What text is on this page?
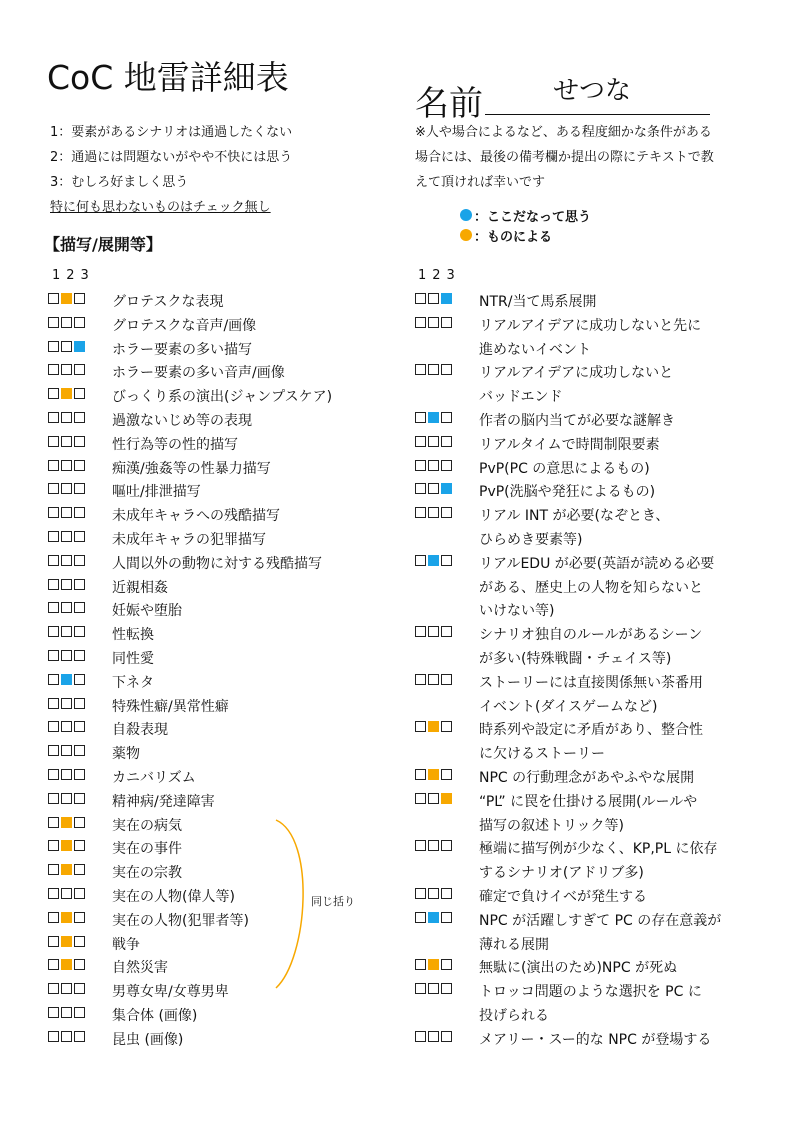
CoC 地雷詳細表
名前	せつな
1：要素があるシナリオは通過したくない
2：通過には問題ないがやや不快には思う
3：むしろ好ましく思う
特に何も思わないものはチェック無し
※人や場合によるなど、ある程度細かな条件がある
場合には、最後の備考欄か提出の際にテキストで教
えて頂ければ幸いです
：ここだなって思う
：ものによる
【描写/展開等】
123	123
グロテスクな表現
グロテスクな音声/画像
ホラー要素の多い描写
ホラー要素の多い音声/画像
びっくり系の演出(ジャンプスケア)
過激ないじめ等の表現
性行為等の性的描写
痴漢/強姦等の性暴力描写
嘔吐/排泄描写
未成年キャラへの残酷描写
未成年キャラの犯罪描写
人間以外の動物に対する残酷描写
近親相姦
妊娠や堕胎
性転換
同性愛
下ネタ
特殊性癖/異常性癖
自殺表現
薬物
カニバリズム
精神病/発達障害
実在の病気
実在の事件
実在の宗教
実在の人物(偉人等)
実在の人物(犯罪者等)
戦争
自然災害
男尊女卑/女尊男卑
集合体 (画像)
昆虫 (画像)
NTR/当て馬系展開
リアルアイデアに成功しないと先に
進めないイベント
リアルアイデアに成功しないと
バッドエンド
作者の脳内当てが必要な謎解き
リアルタイムで時間制限要素
PvP(PC の意思によるもの)
PvP(洗脳や発狂によるもの)
リアル INT が必要(なぞとき、
ひらめき要素等)
リアルEDU が必要(英語が読める必要
がある、歴史上の人物を知らないと
いけない等)
シナリオ独自のルールがあるシーン
が多い(特殊戦闘・チェイス等)
ストーリーには直接関係無い茶番用
イベント(ダイスゲームなど)
時系列や設定に矛盾があり、整合性
に欠けるストーリー
NPC の行動理念があやふやな展開
“PL” に罠を仕掛ける展開(ルールや
描写の叙述トリック等)
極端に描写例が少なく、KP,PL に依存
するシナリオ(アドリブ多)
確定で負けイベが発生する
NPC が活躍しすぎて PC の存在意義が
薄れる展開
無駄に(演出のため)NPC が死ぬ
トロッコ問題のような選択を PC に
投げられる
メアリー・スー的な NPC が登場する
同じ括り
